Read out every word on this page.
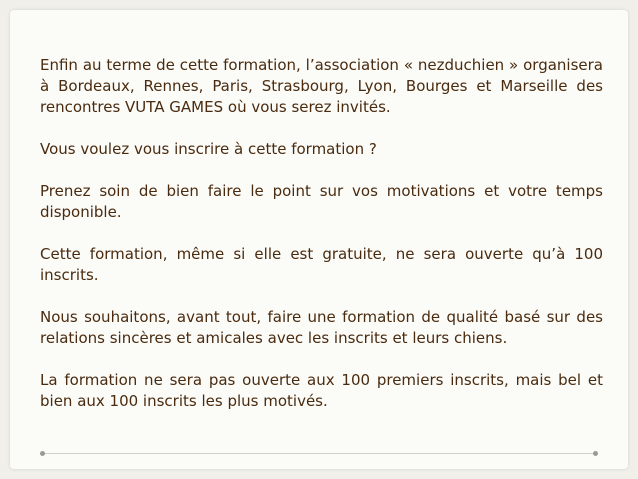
Enfin au terme de cette formation, l’association « nezduchien » organisera à Bordeaux, Rennes, Paris, Strasbourg, Lyon, Bourges et Marseille des rencontres VUTA GAMES où vous serez invités.

Vous voulez vous inscrire à cette formation ?

Prenez soin de bien faire le point sur vos motivations et votre temps disponible.

Cette formation, même si elle est gratuite, ne sera ouverte qu’à 100 inscrits.

Nous souhaitons, avant tout, faire une formation de qualité basé sur des relations sincères et amicales avec les inscrits et leurs chiens.

La formation ne sera pas ouverte aux 100 premiers inscrits, mais bel et bien aux 100 inscrits les plus motivés.
